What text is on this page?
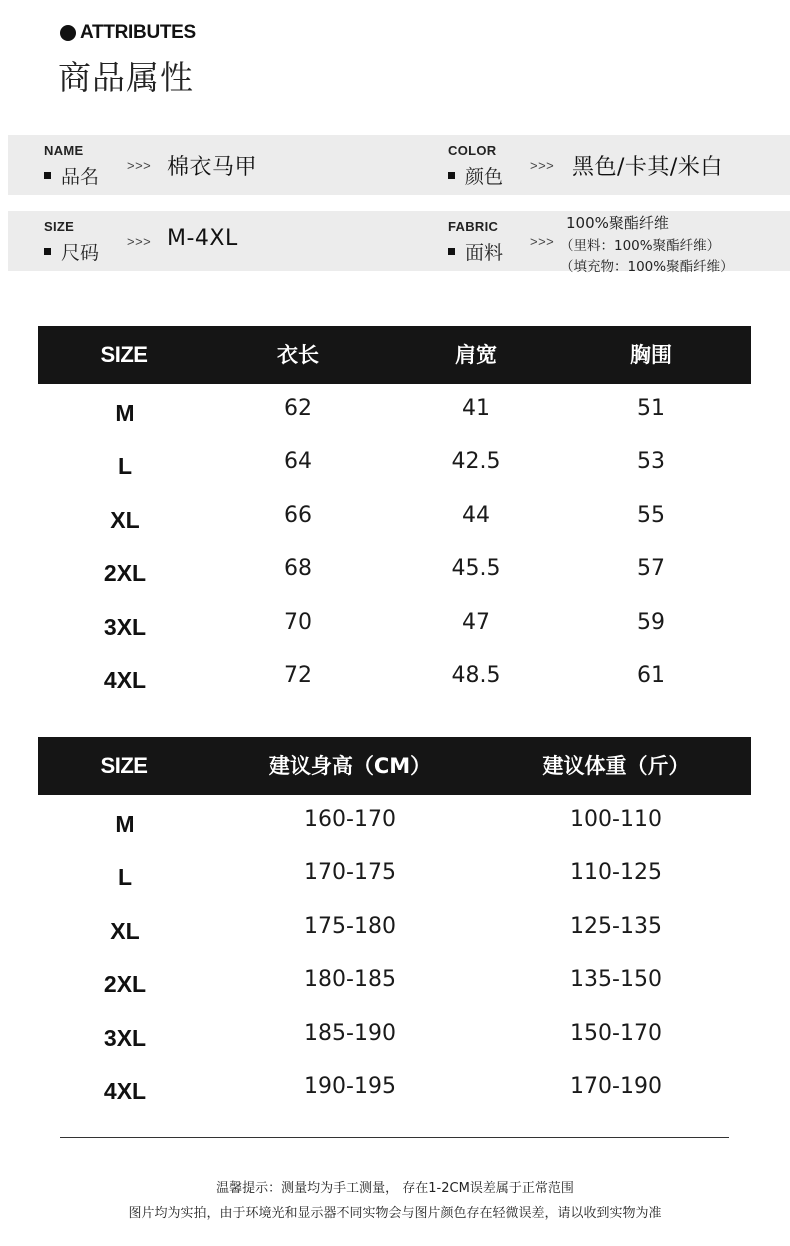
ATTRIBUTES
商品属性
NAME
品名
>>> 棉衣马甲
COLOR
颜色
>>> 黑色/卡其/米白
SIZE
尺码
>>> M-4XL	FABRIC
面料
>>>
100%聚酯纤维
（里料：100%聚酯纤维）
（填充物：100%聚酯纤维）
SIZE	衣长	肩宽	胸围
M	62	41	51
L	64	42.5	53
XL	66	44	55
2XL	68	45.5	57
3XL	70	47	59
4XL	72	48.5	61
SIZE	建议身高（CM）	建议体重（斤）
M	160-170	100-110
L	170-175	110-125
XL	175-180	125-135
2XL	180-185	135-150
3XL	185-190	150-170
4XL	190-195	170-190
温馨提示：测量均为手工测量， 存在1-2CM误差属于正常范围
图片均为实拍，由于环境光和显示器不同实物会与图片颜色存在轻微误差，请以收到实物为准
